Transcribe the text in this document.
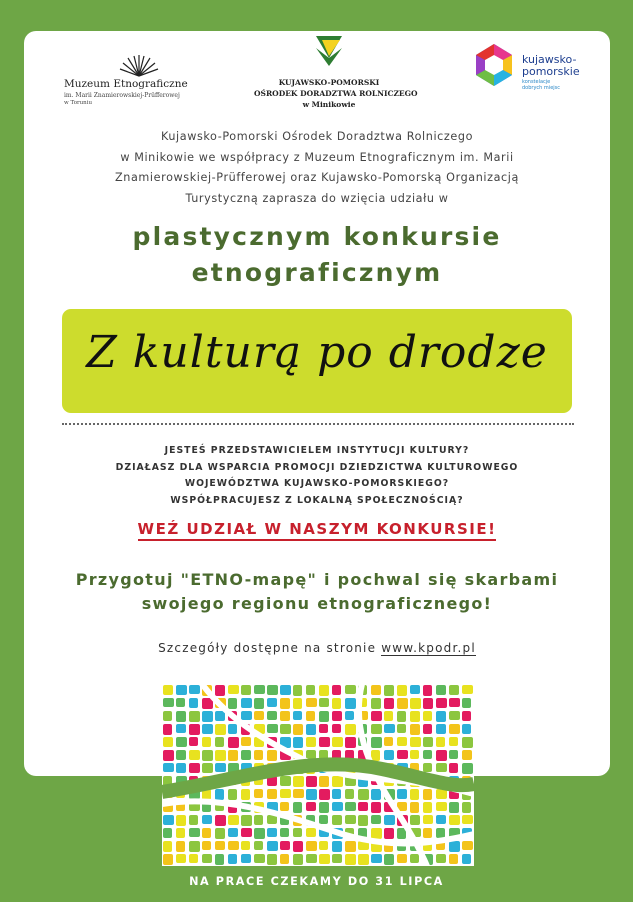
Muzeum Etnograficzne
im. Marii Znamierowskiej-Prüfferowej
w Toruniu
KUJAWSKO-POMORSKI
OŚRODEK DORADZTWA ROLNICZEGO
w Minikowie
kujawsko-
pomorskie
konstelacje
dobrych miejsc
Kujawsko-Pomorski Ośrodek Doradztwa Rolniczego
w Minikowie we współpracy z Muzeum Etnograficznym im. Marii
Znamierowskiej-Prüfferowej oraz Kujawsko-Pomorską Organizacją
Turystyczną zaprasza do wzięcia udziału w
plastycznym konkursie
etnograficznym
Z kulturą po drodze
JESTEŚ PRZEDSTAWICIELEM INSTYTUCJI KULTURY?
DZIAŁASZ DLA WSPARCIA PROMOCJI DZIEDZICTWA KULTUROWEGO
WOJEWÓDZTWA KUJAWSKO-POMORSKIEGO?
WSPÓŁPRACUJESZ Z LOKALNĄ SPOŁECZNOŚCIĄ?
WEŹ UDZIAŁ W NASZYM KONKURSIE!
Przygotuj "ETNO-mapę" i pochwal się skarbami
swojego regionu etnograficznego!
Szczegóły dostępne na stronie www.kpodr.pl
NA PRACE CZEKAMY DO 31 LIPCA
